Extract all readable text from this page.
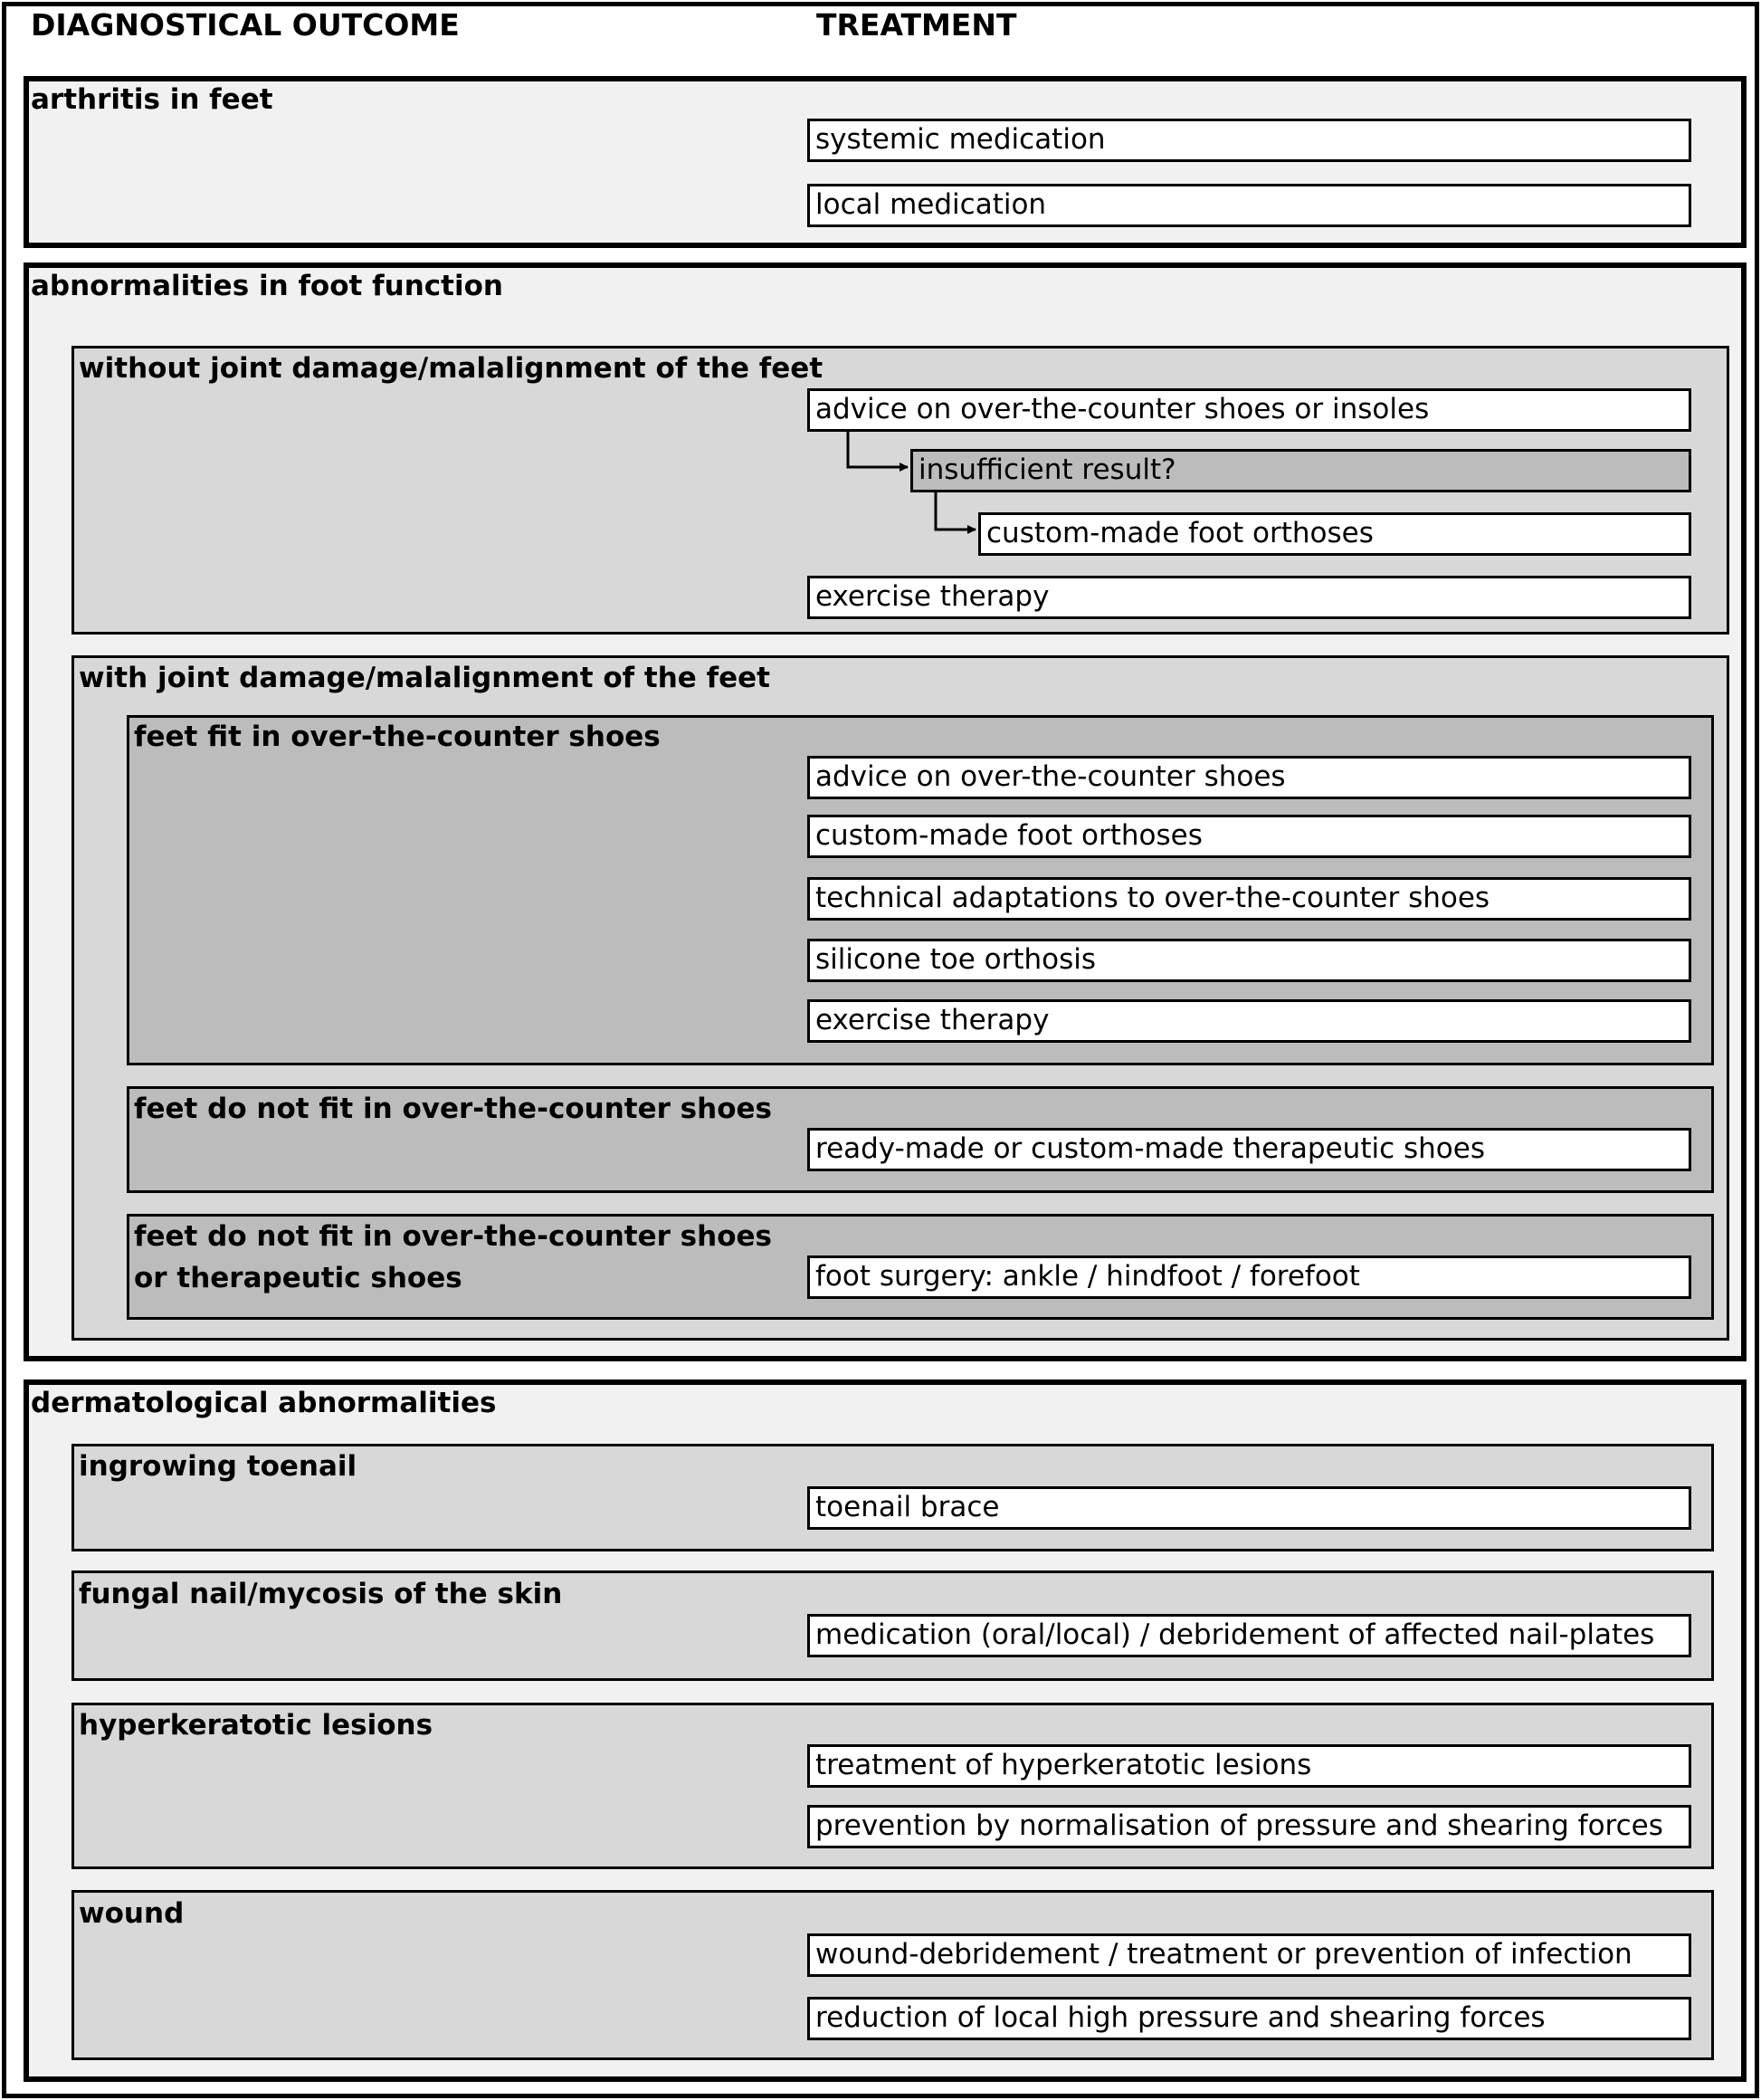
DIAGNOSTICAL OUTCOME	TREATMENT
arthritis in feet
systemic medication
local medication
abnormalities in foot function
without joint damage/malalignment of the feet
advice on over-the-counter shoes or insoles
insufficient result?
custom-made foot orthoses
exercise therapy
with joint damage/malalignment of the feet
feet fit in over-the-counter shoes
advice on over-the-counter shoes
custom-made foot orthoses
technical adaptations to over-the-counter shoes
silicone toe orthosis
exercise therapy
feet do not fit in over-the-counter shoes
ready-made or custom-made therapeutic shoes
feet do not fit in over-the-counter shoes
or therapeutic shoes	foot surgery: ankle / hindfoot / forefoot
dermatological abnormalities
ingrowing toenail
toenail brace
fungal nail/mycosis of the skin
medication (oral/local) / debridement of affected nail-plates
hyperkeratotic lesions
treatment of hyperkeratotic lesions
prevention by normalisation of pressure and shearing forces
wound
wound-debridement / treatment or prevention of infection
reduction of local high pressure and shearing forces
